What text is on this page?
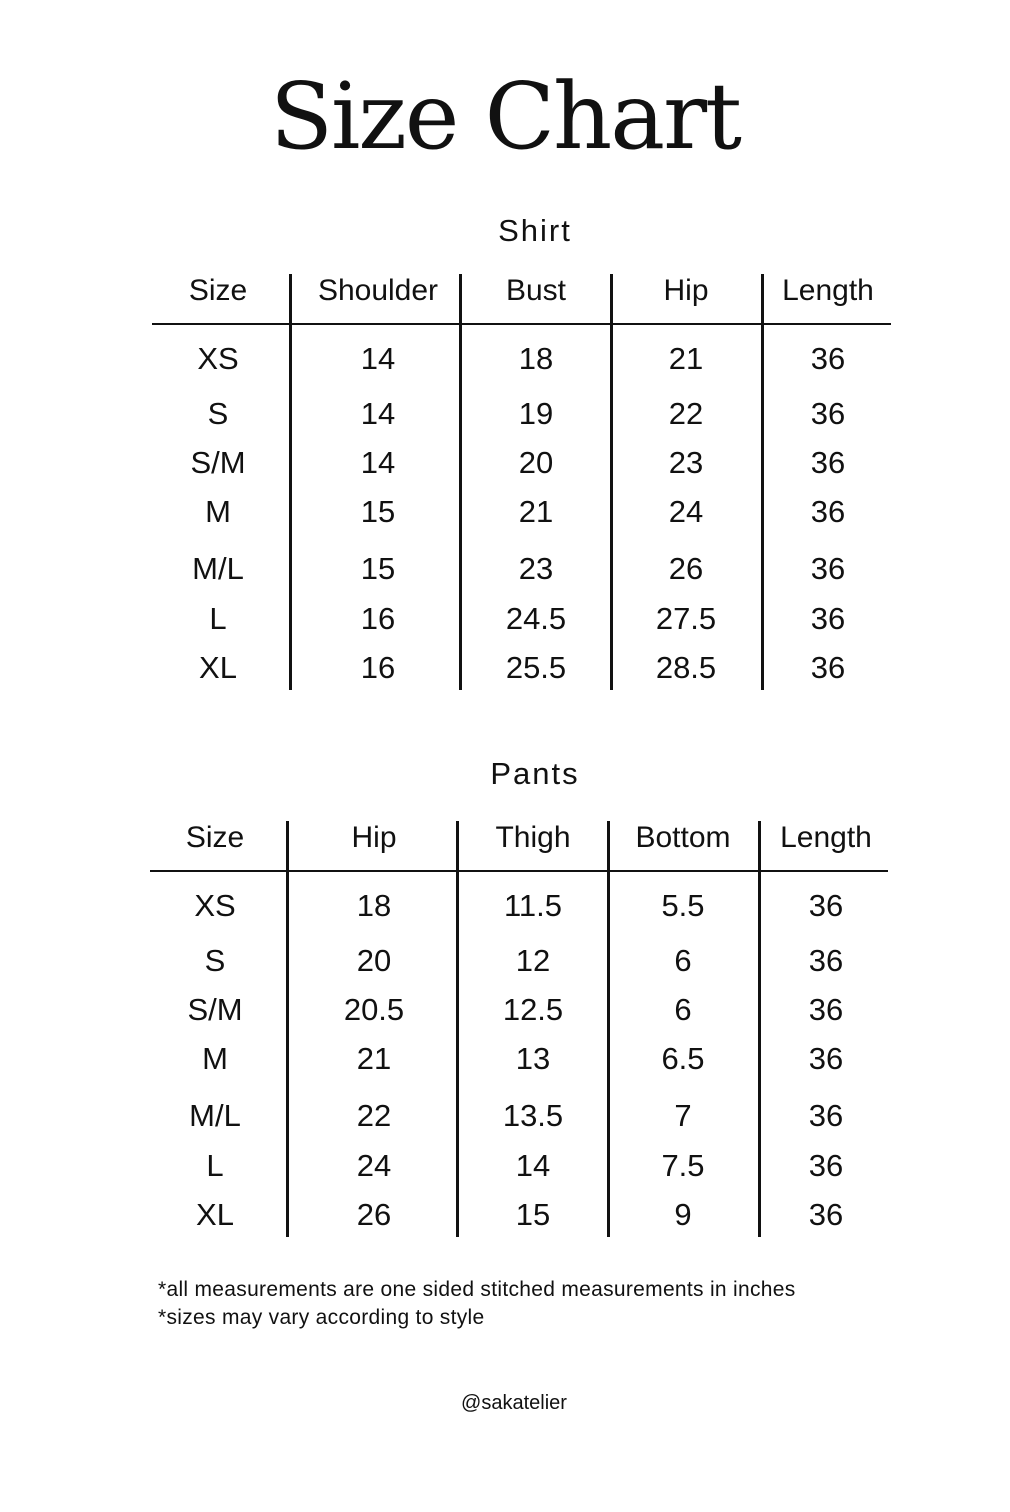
Size Chart
Shirt
Size	Shoulder	Bust	Hip	Length
XS	14	18	21	36
S	14	19	22	36
S/M	14	20	23	36
M	15	21	24	36
M/L	15	23	26	36
L	16	24.5	27.5	36
XL	16	25.5	28.5	36
Pants
Size	Hip	Thigh	Bottom	Length
XS	18	11.5	5.5	36
S	20	12	6	36
S/M	20.5	12.5	6	36
M	21	13	6.5	36
M/L	22	13.5	7	36
L	24	14	7.5	36
XL	26	15	9	36
*all measurements are one sided stitched measurements in inches
*sizes may vary according to style
@sakatelier
